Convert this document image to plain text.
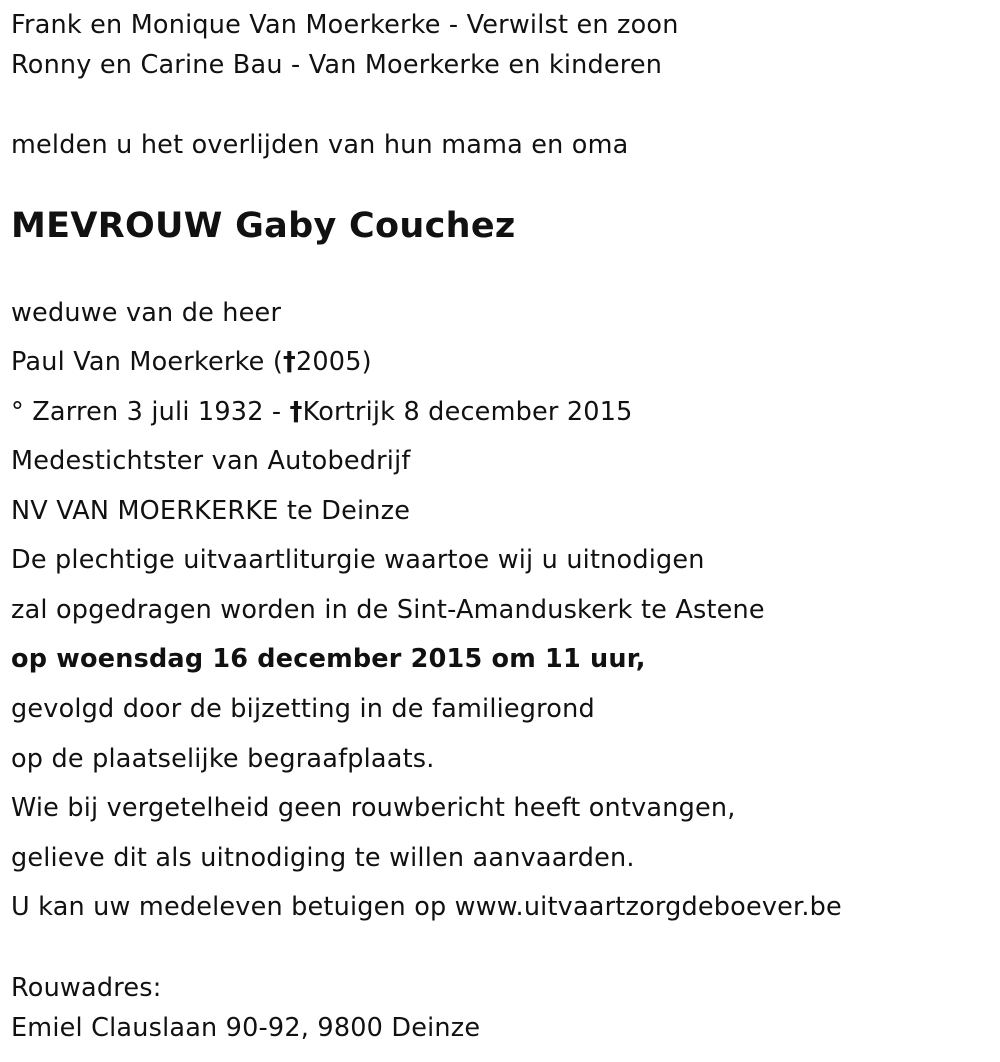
Frank en Monique Van Moerkerke - Verwilst en zoon
Ronny en Carine Bau - Van Moerkerke en kinderen
melden u het overlijden van hun mama en oma
MEVROUW Gaby Couchez
weduwe van de heer
Paul Van Moerkerke (†2005)
° Zarren 3 juli 1932 - †Kortrijk 8 december 2015
Medestichtster van Autobedrijf
NV VAN MOERKERKE te Deinze
De plechtige uitvaartliturgie waartoe wij u uitnodigen
zal opgedragen worden in de Sint-Amanduskerk te Astene
op woensdag 16 december 2015 om 11 uur,
gevolgd door de bijzetting in de familiegrond
op de plaatselijke begraafplaats.
Wie bij vergetelheid geen rouwbericht heeft ontvangen,
gelieve dit als uitnodiging te willen aanvaarden.
U kan uw medeleven betuigen op www.uitvaartzorgdeboever.be
Rouwadres:
Emiel Clauslaan 90-92, 9800 Deinze
